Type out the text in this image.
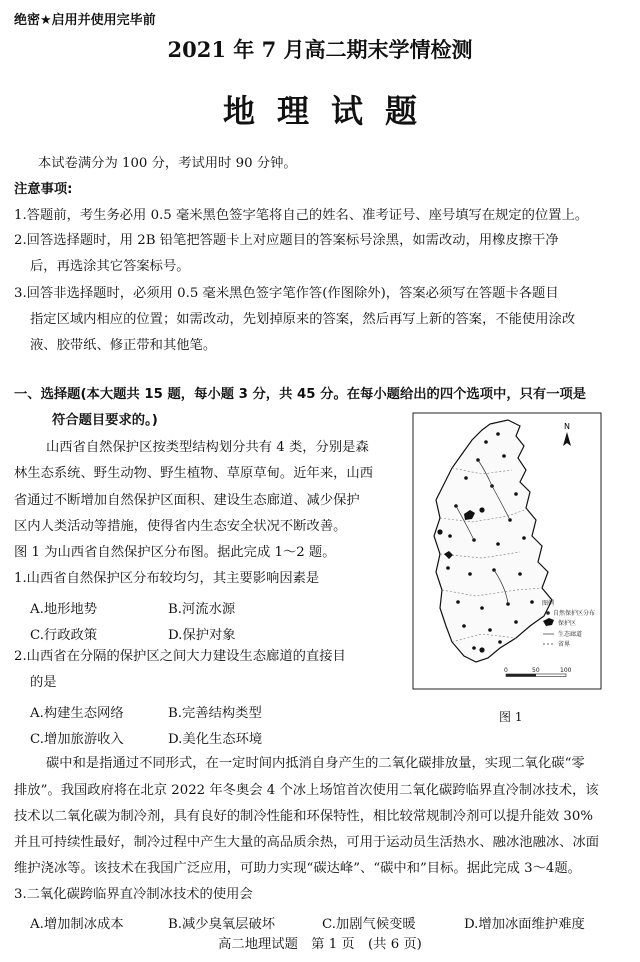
绝密★启用并使用完毕前
2021 年 7 月高二期末学情检测
地理试题
本试卷满分为 100 分，考试用时 90 分钟。
注意事项:
1.答题前，考生务必用 0.5 毫米黑色签字笔将自己的姓名、准考证号、座号填写在规定的位置上。
2.回答选择题时，用 2B 铅笔把答题卡上对应题目的答案标号涂黑，如需改动，用橡皮擦干净
后，再选涂其它答案标号。
3.回答非选择题时，必须用 0.5 毫米黑色签字笔作答(作图除外)，答案必须写在答题卡各题目
指定区域内相应的位置；如需改动，先划掉原来的答案，然后再写上新的答案，不能使用涂改
液、胶带纸、修正带和其他笔。
一、选择题(本大题共 15 题，每小题 3 分，共 45 分。在每小题给出的四个选项中，只有一项是
符合题目要求的。)
山西省自然保护区按类型结构划分共有 4 类，分别是森
林生态系统、野生动物、野生植物、草原草甸。近年来，山西
省通过不断增加自然保护区面积、建设生态廊道、减少保护
区内人类活动等措施，使得省内生态安全状况不断改善。
图 1 为山西省自然保护区分布图。据此完成 1～2 题。
1.山西省自然保护区分布较均匀，其主要影响因素是
A.地形地势	B.河流水源
C.行政政策	D.保护对象
2.山西省在分隔的保护区之间大力建设生态廊道的直接目
的是
A.构建生态网络	B.完善结构类型
C.增加旅游收入	D.美化生态环境
N
图例
自然保护区分布
保护区
生态廊道
省界
0	50	100
图 1
碳中和是指通过不同形式，在一定时间内抵消自身产生的二氧化碳排放量，实现二氧化碳“零
排放”。我国政府将在北京 2022 年冬奥会 4 个冰上场馆首次使用二氧化碳跨临界直冷制冰技术，该
技术以二氧化碳为制冷剂，具有良好的制冷性能和环保特性，相比较常规制冷剂可以提升能效 30%
并且可持续性最好，制冷过程中产生大量的高品质余热，可用于运动员生活热水、融冰池融冰、冰面
维护浇冰等。该技术在我国广泛应用，可助力实现“碳达峰”、“碳中和”目标。据此完成 3～4题。
3.二氧化碳跨临界直冷制冰技术的使用会
A.增加制冰成本	B.减少臭氧层破坏	C.加剧气候变暖	D.增加冰面维护难度
高二地理试题　第 1 页　(共 6 页)
